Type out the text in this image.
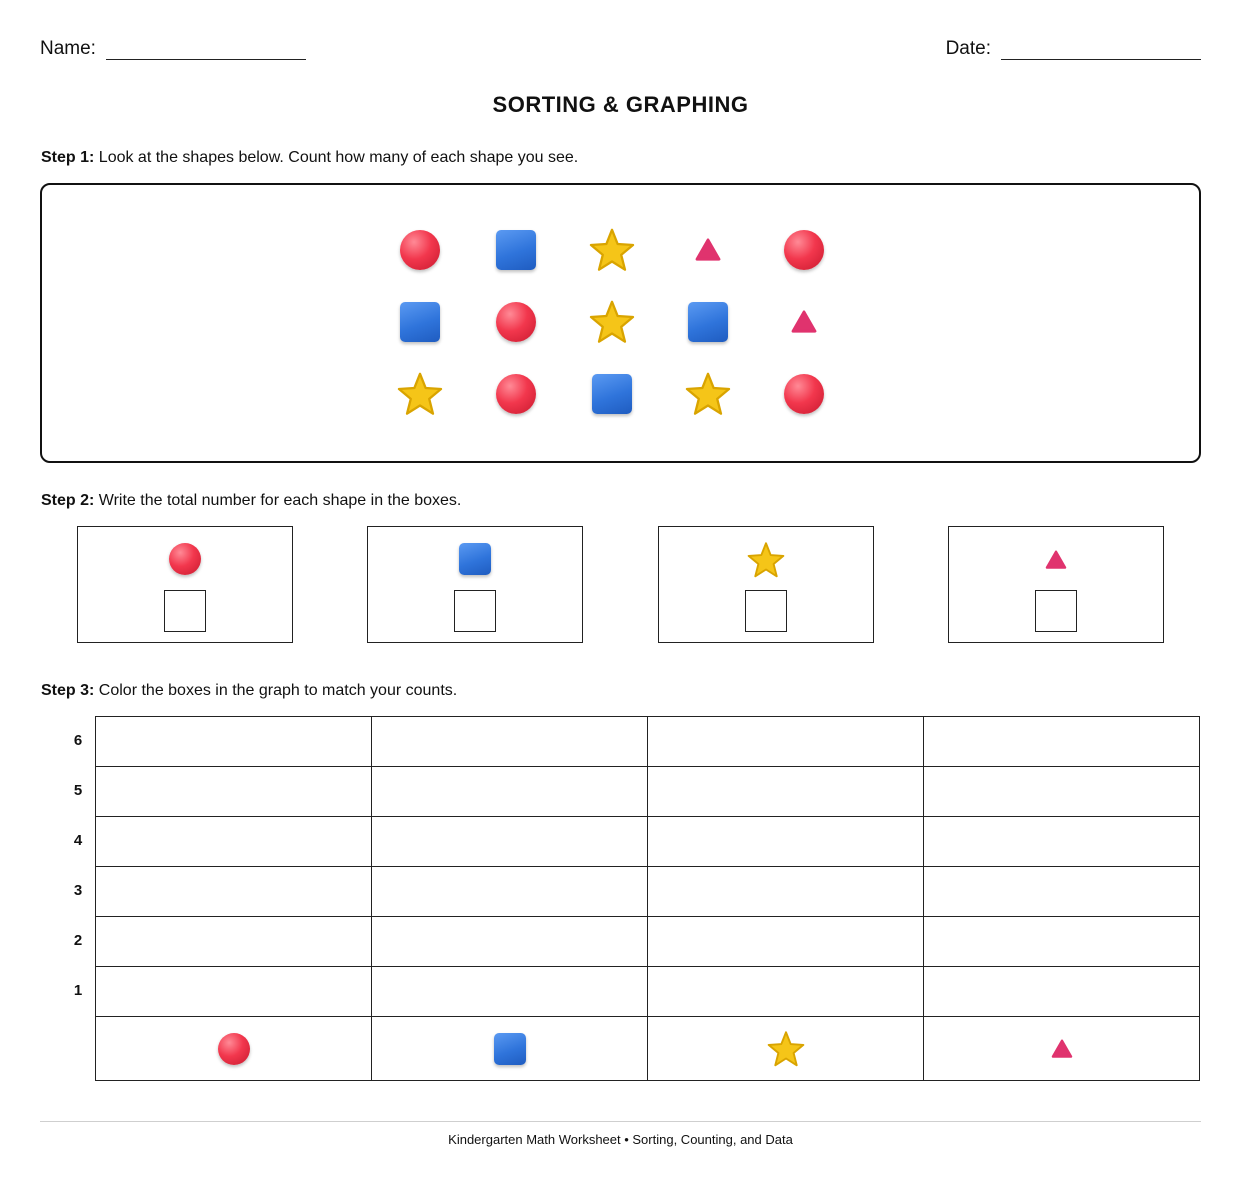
Name:	Date:
SORTING & GRAPHING
Step 1: Look at the shapes below. Count how many of each shape you see.
Step 2: Write the total number for each shape in the boxes.
Step 3: Color the boxes in the graph to match your counts.
6
5
4
3
2
1

Kindergarten Math Worksheet • Sorting, Counting, and Data
